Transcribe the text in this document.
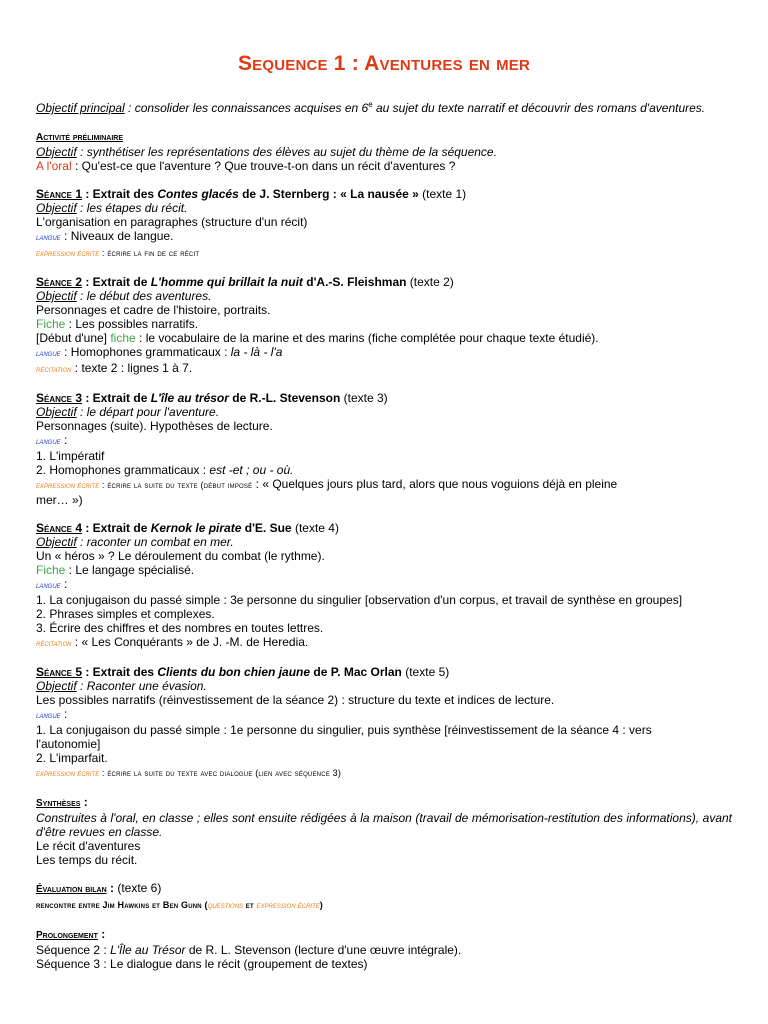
Sequence 1 : Aventures en mer

Objectif principal : consolider les connaissances acquises en 6e au sujet du texte narratif et découvrir des romans d'aventures.

Activité préliminaire

Objectif : synthétiser les représentations des élèves au sujet du thème de la séquence.

A l'oral : Qu'est-ce que l'aventure ? Que trouve-t-on dans un récit d'aventures ?

Séance 1 : Extrait des Contes glacés de J. Sternberg : « La nausée » (texte 1)

Objectif : les étapes du récit.

L'organisation en paragraphes (structure d'un récit)

langue : Niveaux de langue.

expression écrite : écrire la fin de ce récit

Séance 2 : Extrait de L'homme qui brillait la nuit d'A.-S. Fleishman (texte 2)

Objectif : le début des aventures.

Personnages et cadre de l'histoire, portraits.

Fiche : Les possibles narratifs.

[Début d'une] fiche : le vocabulaire de la marine et des marins (fiche complétée pour chaque texte étudié).

langue : Homophones grammaticaux : la - là - l'a

récitation : texte 2 : lignes 1 à 7.

Séance 3 : Extrait de L'île au trésor de R.-L. Stevenson (texte 3)

Objectif : le départ pour l'aventure.

Personnages (suite). Hypothèses de lecture.

langue :

1. L'impératif

2. Homophones grammaticaux : est -et ; ou - où.

expression écrite : écrire la suite du texte (début imposé : « Quelques jours plus tard, alors que nous voguions déjà en pleine

mer… »)

Séance 4 : Extrait de Kernok le pirate d'E. Sue (texte 4)

Objectif : raconter un combat en mer.

Un « héros » ? Le déroulement du combat (le rythme).

Fiche : Le langage spécialisé.

langue :

1. La conjugaison du passé simple : 3e personne du singulier [observation d'un corpus, et travail de synthèse en groupes]

2. Phrases simples et complexes.

3. Écrire des chiffres et des nombres en toutes lettres.

récitation : « Les Conquérants » de J. -M. de Heredia.

Séance 5 : Extrait des Clients du bon chien jaune de P. Mac Orlan (texte 5)

Objectif : Raconter une évasion.

Les possibles narratifs (réinvestissement de la séance 2) : structure du texte et indices de lecture.

langue :

1. La conjugaison du passé simple : 1e personne du singulier, puis synthèse [réinvestissement de la séance 4 : vers

l'autonomie]

2. L'imparfait.

expression écrite : écrire la suite du texte avec dialogue (lien avec séquence 3)

Synthèses :

Construites à l'oral, en classe ; elles sont ensuite rédigées à la maison (travail de mémorisation-restitution des informations), avant d'être revues en classe.

Le récit d'aventures

Les temps du récit.

Évaluation bilan : (texte 6)

rencontre entre Jim Hawkins et Ben Gunn (questions et expression écrite)

Prolongement :

Séquence 2 : L'Île au Trésor de R. L. Stevenson (lecture d'une œuvre intégrale).

Séquence 3 : Le dialogue dans le récit (groupement de textes)
